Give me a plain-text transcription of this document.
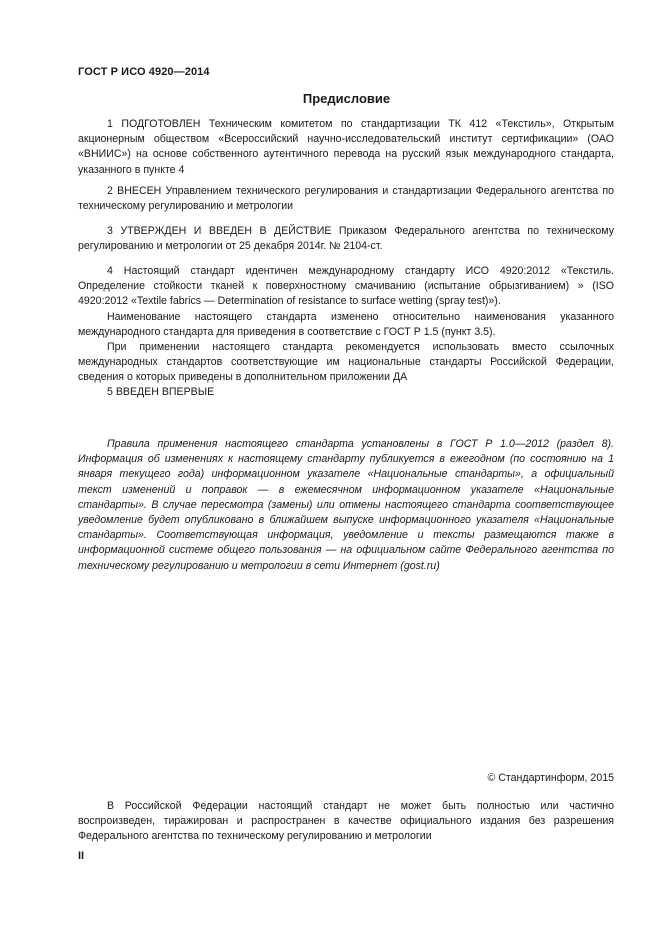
ГОСТ Р ИСО 4920—2014
Предисловие

1 ПОДГОТОВЛЕН Техническим комитетом по стандартизации ТК 412 «Текстиль», Открытым акционерным обществом «Всероссийский научно-исследовательский институт сертификации» (ОАО «ВНИИС») на основе собственного аутентичного перевода на русский язык международного стандарта, указанного в пункте 4

2 ВНЕСЕН Управлением технического регулирования и стандартизации Федерального агентства по техническому регулированию и метрологии

3 УТВЕРЖДЕН И ВВЕДЕН В ДЕЙСТВИЕ Приказом Федерального агентства по техническому регулированию и метрологии от 25 декабря 2014г. № 2104-ст.

4 Настоящий стандарт идентичен международному стандарту ИСО 4920:2012 «Текстиль. Определение стойкости тканей к поверхностному смачиванию (испытание обрызгиванием) » (ISO 4920:2012 «Textile fabrics — Determination of resistance to surface wetting (spray test)»).

Наименование настоящего стандарта изменено относительно наименования указанного международного стандарта для приведения в соответствие с ГОСТ Р 1.5 (пункт 3.5).

При применении настоящего стандарта рекомендуется использовать вместо ссылочных международных стандартов соответствующие им национальные стандарты Российской Федерации, сведения о которых приведены в дополнительном приложении ДА

5 ВВЕДЕН ВПЕРВЫЕ

Правила применения настоящего стандарта установлены в ГОСТ Р 1.0—2012 (раздел 8). Информация об изменениях к настоящему стандарту публикуется в ежегодном (по состоянию на 1 января текущего года) информационном указателе «Национальные стандарты», а официальный текст изменений и поправок — в ежемесячном информационном указателе «Национальные стандарты». В случае пересмотра (замены) или отмены настоящего стандарта соответствующее уведомление будет опубликовано в ближайшем выпуске информационного указателя «Национальные стандарты». Соответствующая информация, уведомление и тексты размещаются также в информационной системе общего пользования — на официальном сайте Федерального агентства по техническому регулированию и метрологии в сети Интернет (gost.ru)

© Стандартинформ, 2015

В Российской Федерации настоящий стандарт не может быть полностью или частично воспроизведен, тиражирован и распространен в качестве официального издания без разрешения Федерального агентства по техническому регулированию и метрологии

II
